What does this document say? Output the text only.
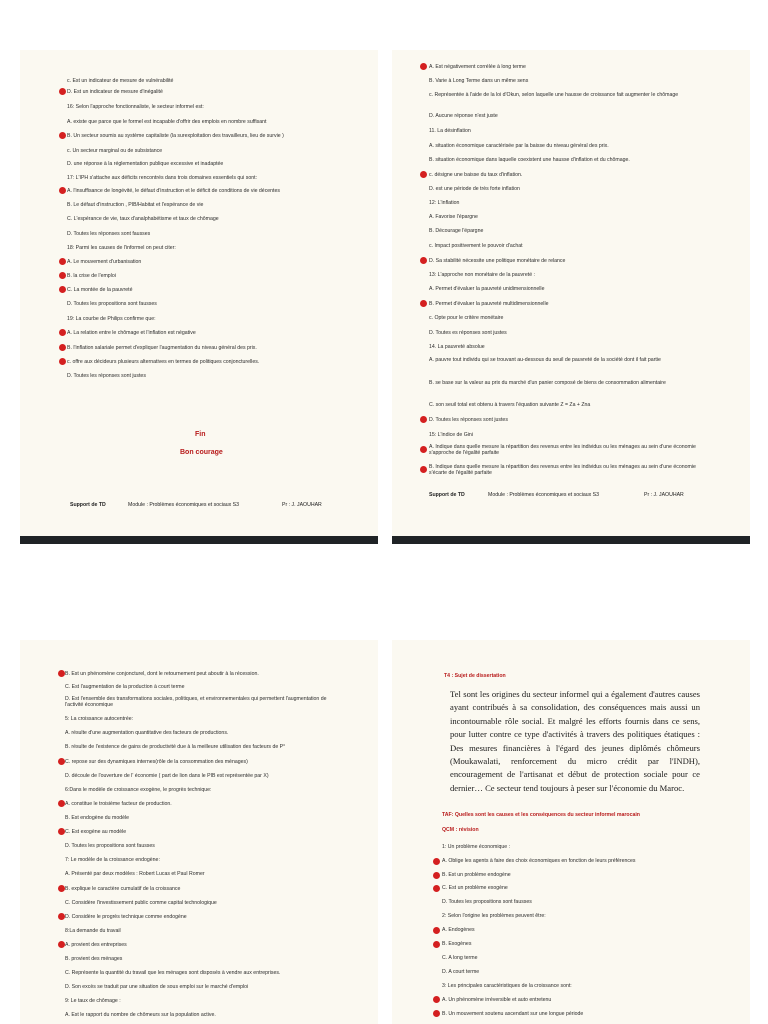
c. Est un indicateur de mesure de vulnérabilité
D. Est un indicateur de mesure d'inégalité
16: Selon l'approche fonctionnaliste, le secteur informel est:
A. existe que parce que le formel est incapable d'offrir des emplois en nombre suffisant
B. Un secteur soumis au système capitaliste (la surexploitation des travailleurs, lieu de survie )
c. Un secteur marginal ou de subsistance
D. une réponse à la réglementation publique excessive et inadaptée
17: L'IPH s'attache aux déficits rencontrés dans trois domaines essentiels qui sont:
A. l'insuffisance de longévité, le défaut d'instruction et le déficit de conditions de vie décentes
B. Le défaut d'instruction , PIB/Habitat et l'espérance de vie
C. L'espérance de vie, taux d'analphabétisme et taux de chômage
D. Toutes les réponses sont fausses
18: Parmi les causes de l'informel on peut citer:
A. Le mouvement d'urbanisation
B. la crise de l'emploi
C. La montée de la pauvreté
D. Toutes les propositions sont fausses
19: La courbe de Philips confirme que:
A. La relation entre le chômage et l'inflation est négative
B. l'inflation salariale permet d'expliquer l'augmentation du niveau général des prix.
c. offre aux décideurs plusieurs alternatives en termes de politiques conjoncturelles.
D. Toutes les réponses sont justes
Fin
Bon courage
Support de TD	Module : Problèmes économiques et sociaux S3	Pr : J. JAOUHAR
A. Est négativement corrélée à long terme
B. Varie à Long Terme dans un même sens
c. Représentée à l'aide de la loi d'Okun, selon laquelle une hausse de croissance fait augmenter le chômage
D. Aucune réponse n'est juste
11. La désinflation
A. situation économique caractérisée par la baisse du niveau général des prix.
B. situation économique dans laquelle coexistent une hausse d'inflation et du chômage.
c. désigne une baisse du taux d'inflation.
D. est une période de très forte inflation
12: L'inflation
A. Favorise l'épargne
B. Décourage l'épargne
c. Impact positivement le pouvoir d'achat
D. Sa stabilité nécessite une politique monétaire de relance
13: L'approche non monétaire de la pauvreté :
A. Permet d'évaluer la pauvreté unidimensionnelle
B. Permet d'évaluer la pauvreté multidimensionnelle
c. Opte pour le critère monétaire
D. Toutes es réponses sont justes
14. La pauvreté absolue
A. pauvre tout individu qui se trouvant au-dessous du seuil de pauvreté de la société dont il fait partie
B. se base sur la valeur au prix du marché d'un panier composé de biens de consommation alimentaire
C. son seuil total est obtenu à travers l'équation suivante Z = Za + Zna
D. Toutes les réponses sont justes
15: L'indice de Gini
A. Indique dans quelle mesure la répartition des revenus entre les individus ou les ménages au sein d'une économie s'approche de l'égalité parfaite
B. Indique dans quelle mesure la répartition des revenus entre les individus ou les ménages au sein d'une économie s'écarte de l'égalité parfaite
Support de TD	Module : Problèmes économiques et sociaux S3	Pr : J. JAOUHAR
B. Est un phénomène conjoncturel, dont le retournement peut aboutir à la récession.
C. Est l'augmentation de la production à court terme
D. Est l'ensemble des transformations sociales, politiques, et environnementales qui permettent l'augmentation de l'activité économique
5: La croissance autocentrée:
A. résulte d'une augmentation quantitative des facteurs de productions.
B. résulte de l'existence de gains de productivité due à la meilleure utilisation des facteurs de P°
C. repose sur des dynamiques internes(rôle de la consommation des ménages)
D. découle de l'ouverture de l' économie ( part de lion dans le PIB est représentée par X)
6:Dans le modèle de croissance exogène, le progrès technique:
A. constitue le troisième facteur de production.
B. Est endogène du modèle
C. Est exogène au modèle
D. Toutes les propositions sont fausses
7: Le modèle de la croissance endogène:
A. Présenté par deux modèles : Robert Lucas et Paul Romer
B. explique le caractère cumulatif de la croissance
C. Considère l'investissement public comme capital technologique
D. Considère le progrès technique comme endogène
8:La demande du travail
A. provient des entreprises
B. provient des ménages
C. Représente la quantité du travail que les ménages sont disposés à vendre aux entreprises.
D. Son excès se traduit par une situation de sous emploi sur le marché d'emploi
9: Le taux de chômage :
A. Est le rapport du nombre de chômeurs sur la population active.
T4 : Sujet de dissertation
Tel sont les origines du secteur informel qui a également d'autres causes ayant contribués à sa consolidation, des conséquences mais aussi un incontournable rôle social. Et malgré les efforts fournis dans ce sens, pour lutter contre ce type d'activités à travers des politiques étatiques : Des mesures financières à l'égard des jeunes diplômés chômeurs (Moukawalati, renforcement du micro crédit par l'INDH), encouragement de l'artisanat et début de protection sociale pour ce dernier… Ce secteur tend toujours à peser sur l'économie du Maroc.
TAF: Quelles sont les causes et les conséquences du secteur informel marocain
QCM : révision
1: Un problème économique :
A. Oblige les agents à faire des choix économiques en fonction de leurs préférences
B. Est un problème endogène
C. Est un problème exogène
D. Toutes les propositions sont fausses
2: Selon l'origine les problèmes peuvent être:
A. Endogènes
B. Exogènes
C. A long terme
D. A court terme
3: Les principales caractéristiques de la croissance sont:
A. Un phénomène irréversible et auto entretenu
B. Un mouvement soutenu ascendant sur une longue période
